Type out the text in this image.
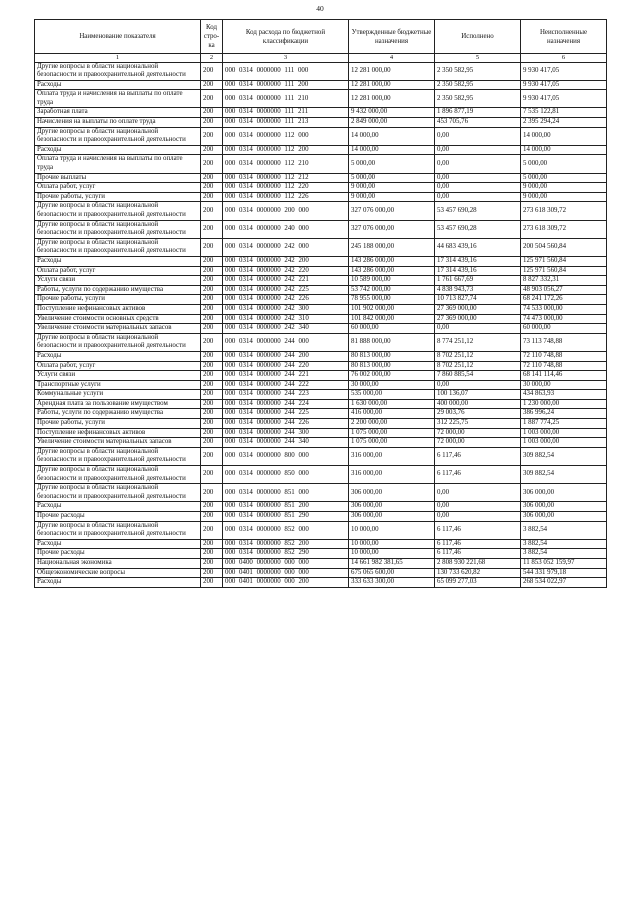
40
Наименование показателя	Код стро-ка	Код расхода по бюджетной классификации	Утвержденные бюджетные назначения	Исполнено	Неисполненные назначения
1	2	3	4	5	6
Другие вопросы в области национальной безопасности и правоохранительной деятельности	200	000 0314 0000000 111 000	12 281 000,00	2 350 582,95	9 930 417,05
Расходы	200	000 0314 0000000 111 200	12 281 000,00	2 350 582,95	9 930 417,05
Оплата труда и начисления на выплаты по оплате труда	200	000 0314 0000000 111 210	12 281 000,00	2 350 582,95	9 930 417,05
Заработная плата	200	000 0314 0000000 111 211	9 432 000,00	1 896 877,19	7 535 122,81
Начисления на выплаты по оплате труда	200	000 0314 0000000 111 213	2 849 000,00	453 705,76	2 395 294,24
Другие вопросы в области национальной безопасности и правоохранительной деятельности	200	000 0314 0000000 112 000	14 000,00	0,00	14 000,00
Расходы	200	000 0314 0000000 112 200	14 000,00	0,00	14 000,00
Оплата труда и начисления на выплаты по оплате труда	200	000 0314 0000000 112 210	5 000,00	0,00	5 000,00
Прочие выплаты	200	000 0314 0000000 112 212	5 000,00	0,00	5 000,00
Оплата работ, услуг	200	000 0314 0000000 112 220	9 000,00	0,00	9 000,00
Прочие работы, услуги	200	000 0314 0000000 112 226	9 000,00	0,00	9 000,00
Другие вопросы в области национальной безопасности и правоохранительной деятельности	200	000 0314 0000000 200 000	327 076 000,00	53 457 690,28	273 618 309,72
Другие вопросы в области национальной безопасности и правоохранительной деятельности	200	000 0314 0000000 240 000	327 076 000,00	53 457 690,28	273 618 309,72
Другие вопросы в области национальной безопасности и правоохранительной деятельности	200	000 0314 0000000 242 000	245 188 000,00	44 683 439,16	200 504 560,84
Расходы	200	000 0314 0000000 242 200	143 286 000,00	17 314 439,16	125 971 560,84
Оплата работ, услуг	200	000 0314 0000000 242 220	143 286 000,00	17 314 439,16	125 971 560,84
Услуги связи	200	000 0314 0000000 242 221	10 589 000,00	1 761 667,69	8 827 332,31
Работы, услуги по содержанию имущества	200	000 0314 0000000 242 225	53 742 000,00	4 838 943,73	48 903 056,27
Прочие работы, услуги	200	000 0314 0000000 242 226	78 955 000,00	10 713 827,74	68 241 172,26
Поступление нефинансовых активов	200	000 0314 0000000 242 300	101 902 000,00	27 369 000,00	74 533 000,00
Увеличение стоимости основных средств	200	000 0314 0000000 242 310	101 842 000,00	27 369 000,00	74 473 000,00
Увеличение стоимости материальных запасов	200	000 0314 0000000 242 340	60 000,00	0,00	60 000,00
Другие вопросы в области национальной безопасности и правоохранительной деятельности	200	000 0314 0000000 244 000	81 888 000,00	8 774 251,12	73 113 748,88
Расходы	200	000 0314 0000000 244 200	80 813 000,00	8 702 251,12	72 110 748,88
Оплата работ, услуг	200	000 0314 0000000 244 220	80 813 000,00	8 702 251,12	72 110 748,88
Услуги связи	200	000 0314 0000000 244 221	76 002 000,00	7 860 885,54	68 141 114,46
Транспортные услуги	200	000 0314 0000000 244 222	30 000,00	0,00	30 000,00
Коммунальные услуги	200	000 0314 0000000 244 223	535 000,00	100 136,07	434 863,93
Арендная плата за пользование имуществом	200	000 0314 0000000 244 224	1 630 000,00	400 000,00	1 230 000,00
Работы, услуги по содержанию имущества	200	000 0314 0000000 244 225	416 000,00	29 003,76	386 996,24
Прочие работы, услуги	200	000 0314 0000000 244 226	2 200 000,00	312 225,75	1 887 774,25
Поступление нефинансовых активов	200	000 0314 0000000 244 300	1 075 000,00	72 000,00	1 003 000,00
Увеличение стоимости материальных запасов	200	000 0314 0000000 244 340	1 075 000,00	72 000,00	1 003 000,00
Другие вопросы в области национальной безопасности и правоохранительной деятельности	200	000 0314 0000000 800 000	316 000,00	6 117,46	309 882,54
Другие вопросы в области национальной безопасности и правоохранительной деятельности	200	000 0314 0000000 850 000	316 000,00	6 117,46	309 882,54
Другие вопросы в области национальной безопасности и правоохранительной деятельности	200	000 0314 0000000 851 000	306 000,00	0,00	306 000,00
Расходы	200	000 0314 0000000 851 200	306 000,00	0,00	306 000,00
Прочие расходы	200	000 0314 0000000 851 290	306 000,00	0,00	306 000,00
Другие вопросы в области национальной безопасности и правоохранительной деятельности	200	000 0314 0000000 852 000	10 000,00	6 117,46	3 882,54
Расходы	200	000 0314 0000000 852 200	10 000,00	6 117,46	3 882,54
Прочие расходы	200	000 0314 0000000 852 290	10 000,00	6 117,46	3 882,54
Национальная экономика	200	000 0400 0000000 000 000	14 661 982 381,65	2 808 930 221,68	11 853 052 159,97
Общеэкономические вопросы	200	000 0401 0000000 000 000	675 065 600,00	130 733 620,82	544 331 979,18
Расходы	200	000 0401 0000000 000 200	333 633 300,00	65 099 277,03	268 534 022,97
